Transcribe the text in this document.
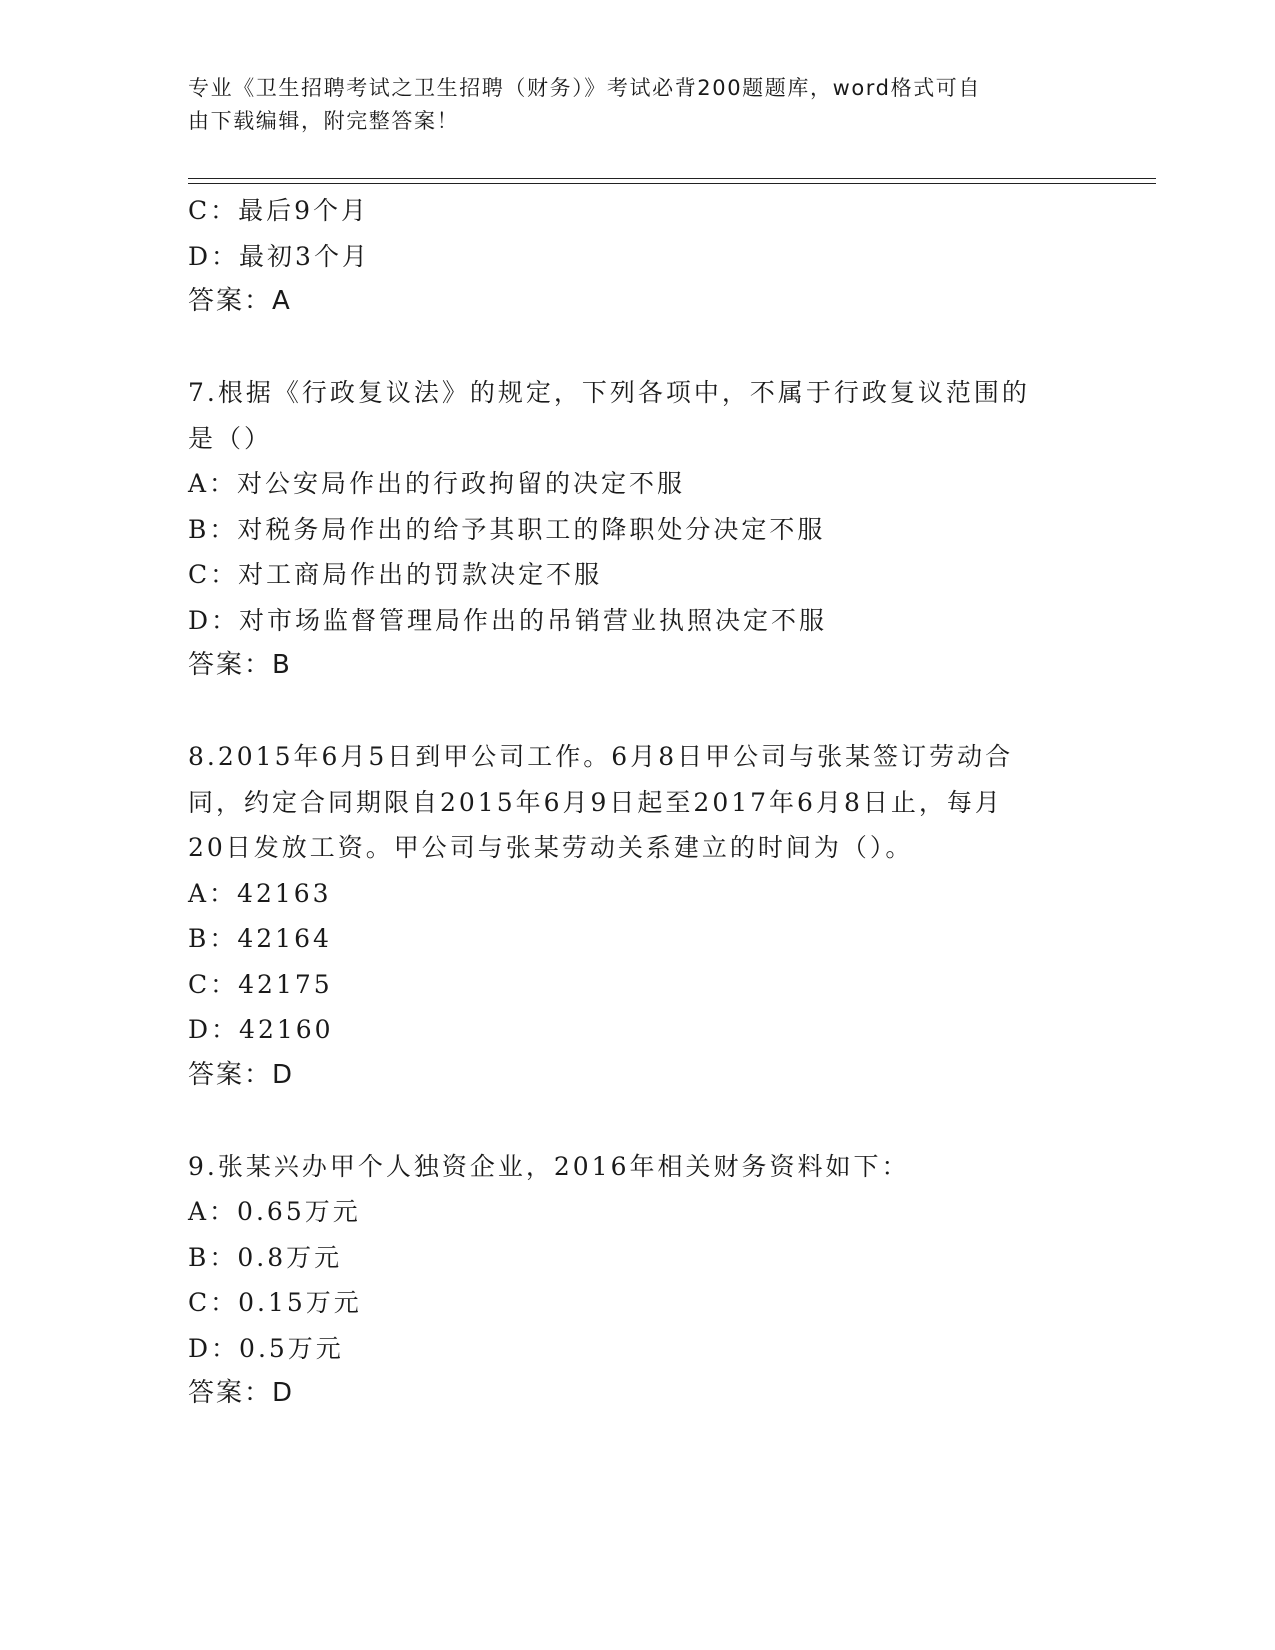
专业《卫生招聘考试之卫生招聘（财务）》考试必背200题题库，word格式可自
由下载编辑，附完整答案！

C：最后9个月

D：最初3个月

答案：A

7.根据《行政复议法》的规定，下列各项中，不属于行政复议范围的

是（）

A：对公安局作出的行政拘留的决定不服

B：对税务局作出的给予其职工的降职处分决定不服

C：对工商局作出的罚款决定不服

D：对市场监督管理局作出的吊销营业执照决定不服

答案：B

8.2015年6月5日到甲公司工作。6月8日甲公司与张某签订劳动合

同，约定合同期限自2015年6月9日起至2017年6月8日止，每月

20日发放工资。甲公司与张某劳动关系建立的时间为（）。

A：42163

B：42164

C：42175

D：42160

答案：D

9.张某兴办甲个人独资企业，2016年相关财务资料如下：

A：0.65万元

B：0.8万元

C：0.15万元

D：0.5万元

答案：D
